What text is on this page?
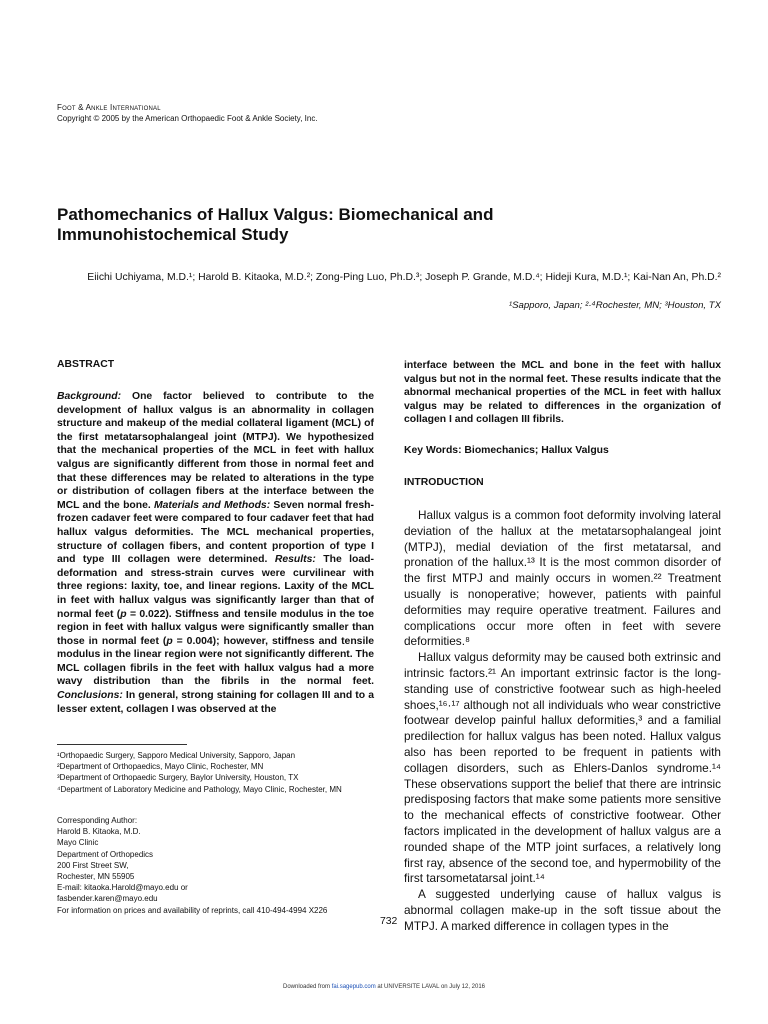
Foot & Ankle International
Copyright © 2005 by the American Orthopaedic Foot & Ankle Society, Inc.
Pathomechanics of Hallux Valgus: Biomechanical and Immunohistochemical Study
Eiichi Uchiyama, M.D.¹; Harold B. Kitaoka, M.D.²; Zong-Ping Luo, Ph.D.³; Joseph P. Grande, M.D.⁴; Hideji Kura, M.D.¹; Kai-Nan An, Ph.D.²
¹Sapporo, Japan; ²·⁴Rochester, MN; ³Houston, TX

ABSTRACT

Background: One factor believed to contribute to the development of hallux valgus is an abnormality in collagen structure and makeup of the medial collateral ligament (MCL) of the first metatarsophalangeal joint (MTPJ). We hypothesized that the mechanical properties of the MCL in feet with hallux valgus are significantly different from those in normal feet and that these differences may be related to alterations in the type or distribution of collagen fibers at the interface between the MCL and the bone. Materials and Methods: Seven normal fresh-frozen cadaver feet were compared to four cadaver feet that had hallux valgus deformities. The MCL mechanical properties, structure of collagen fibers, and content proportion of type I and type III collagen were determined. Results: The load-deformation and stress-strain curves were curvilinear with three regions: laxity, toe, and linear regions. Laxity of the MCL in feet with hallux valgus was significantly larger than that of normal feet (p = 0.022). Stiffness and tensile modulus in the toe region in feet with hallux valgus were significantly smaller than those in normal feet (p = 0.004); however, stiffness and tensile modulus in the linear region were not significantly different. The MCL collagen fibrils in the feet with hallux valgus had a more wavy distribution than the fibrils in the normal feet. Conclusions: In general, strong staining for collagen III and to a lesser extent, collagen I was observed at the

¹Orthopaedic Surgery, Sapporo Medical University, Sapporo, Japan
²Department of Orthopaedics, Mayo Clinic, Rochester, MN
³Department of Orthopaedic Surgery, Baylor University, Houston, TX
⁴Department of Laboratory Medicine and Pathology, Mayo Clinic, Rochester, MN
Corresponding Author:
Harold B. Kitaoka, M.D.
Mayo Clinic
Department of Orthopedics
200 First Street SW,
Rochester, MN 55905
E-mail: kitaoka.Harold@mayo.edu or
fasbender.karen@mayo.edu
For information on prices and availability of reprints, call 410-494-4994 X226

interface between the MCL and bone in the feet with hallux valgus but not in the normal feet. These results indicate that the abnormal mechanical properties of the MCL in feet with hallux valgus may be related to differences in the organization of collagen I and collagen III fibrils.

Key Words: Biomechanics; Hallux Valgus

INTRODUCTION

Hallux valgus is a common foot deformity involving lateral deviation of the hallux at the metatarsophalangeal joint (MTPJ), medial deviation of the first metatarsal, and pronation of the hallux.¹³ It is the most common disorder of the first MTPJ and mainly occurs in women.²² Treatment usually is nonoperative; however, patients with painful deformities may require operative treatment. Failures and complications occur more often in feet with severe deformities.⁸

Hallux valgus deformity may be caused both extrinsic and intrinsic factors.²¹ An important extrinsic factor is the long-standing use of constrictive footwear such as high-heeled shoes,¹⁶·¹⁷ although not all individuals who wear constrictive footwear develop painful hallux deformities,³ and a familial predilection for hallux valgus has been noted. Hallux valgus also has been reported to be frequent in patients with collagen disorders, such as Ehlers-Danlos syndrome.¹⁴ These observations support the belief that there are intrinsic predisposing factors that make some patients more sensitive to the mechanical effects of constrictive footwear. Other factors implicated in the development of hallux valgus are a rounded shape of the MTP joint surfaces, a relatively long first ray, absence of the second toe, and hypermobility of the first tarsometatarsal joint.¹⁴

A suggested underlying cause of hallux valgus is abnormal collagen make-up in the soft tissue about the MTPJ. A marked difference in collagen types in the

732
Downloaded from fai.sagepub.com at UNIVERSITE LAVAL on July 12, 2016
